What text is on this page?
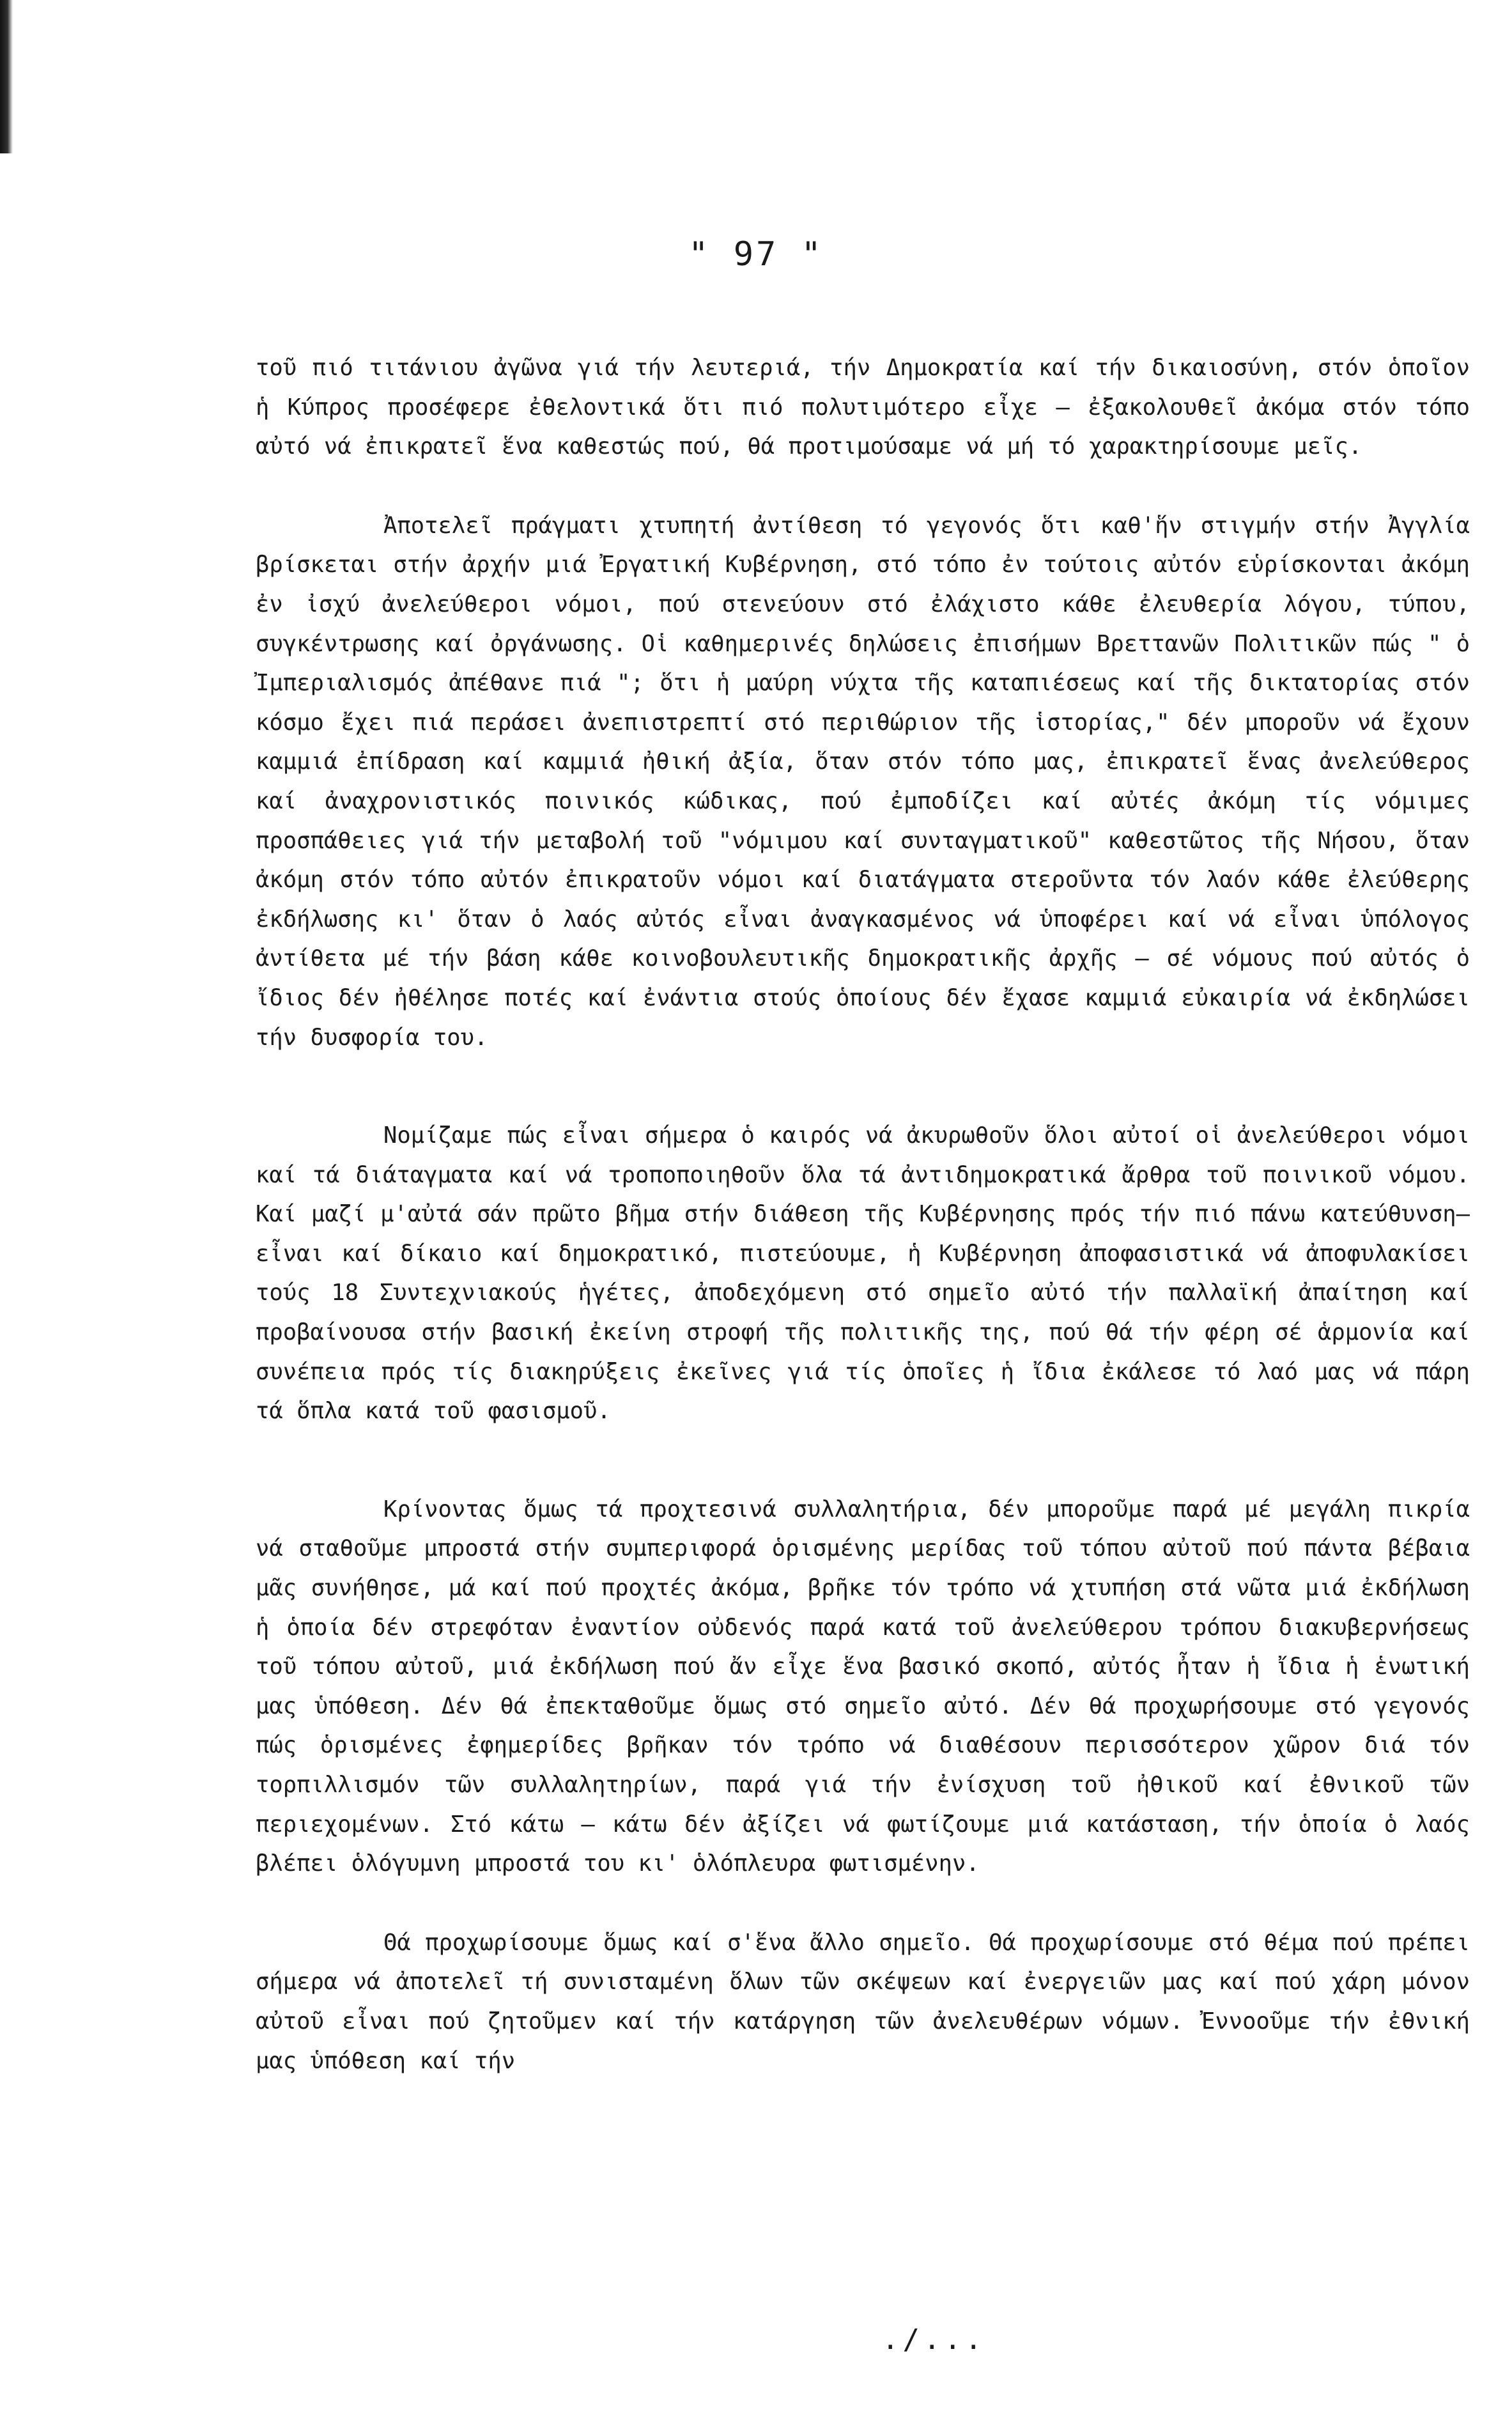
" 97 "

τοῦ πιό τιτάνιου ἀγῶνα γιά τήν λευτεριά, τήν Δημοκρατία καί τήν δικαιοσύνη, στόν ὁποῖον ἡ Κύπρος προσέφερε ἐθελοντικά ὅτι πιό πολυτιμότερο εἶχε – ἐξακολουθεῖ ἀκόμα στόν τόπο αὐτό νά ἐπικρατεῖ ἕνα καθεστώς πού, θά προτιμούσαμε νά μή τό χαρακτηρίσουμε μεῖς.

Ἀποτελεῖ πράγματι χτυπητή ἀντίθεση τό γεγονός ὅτι καθ'ἥν στιγμήν στήν Ἀγγλία βρίσκεται στήν ἀρχήν μιά Ἐργατική Κυβέρνηση, στό τόπο ἐν τούτοις αὐτόν εὑρίσκονται ἀκόμη ἐν ἰσχύ ἀνελεύθεροι νόμοι, πού στενεύουν στό ἐλάχιστο κάθε ἐλευθερία λόγου, τύπου, συγκέντρωσης καί ὀργάνωσης. Οἱ καθημερινές δηλώσεις ἐπισήμων Βρεττανῶν Πολιτικῶν πώς " ὁ Ἰμπεριαλισμός ἀπέθανε πιά "; ὅτι ἡ μαύρη νύχτα τῆς καταπιέσεως καί τῆς δικτατορίας στόν κόσμο ἔχει πιά περάσει ἀνεπιστρεπτί στό περιθώριον τῆς ἱστορίας," δέν μποροῦν νά ἔχουν καμμιά ἐπίδραση καί καμμιά ἠθική ἀξία, ὅταν στόν τόπο μας, ἐπικρατεῖ ἕνας ἀνελεύθερος καί ἀναχρονιστικός ποινικός κώδικας, πού ἐμποδίζει καί αὐτές ἀκόμη τίς νόμιμες προσπάθειες γιά τήν μεταβολή τοῦ "νόμιμου καί συνταγματικοῦ" καθεστῶτος τῆς Νήσου, ὅταν ἀκόμη στόν τόπο αὐτόν ἐπικρατοῦν νόμοι καί διατάγματα στεροῦντα τόν λαόν κάθε ἐλεύθερης ἐκδήλωσης κι' ὅταν ὁ λαός αὐτός εἶναι ἀναγκασμένος νά ὑποφέρει καί νά εἶναι ὑπόλογος ἀντίθετα μέ τήν βάση κάθε κοινοβουλευτικῆς δημοκρατικῆς ἀρχῆς – σέ νόμους πού αὐτός ὁ ἴδιος δέν ἠθέλησε ποτές καί ἐνάντια στούς ὁποίους δέν ἔχασε καμμιά εὐκαιρία νά ἐκδηλώσει τήν δυσφορία του.

Νομίζαμε πώς εἶναι σήμερα ὁ καιρός νά ἀκυρωθοῦν ὅλοι αὐτοί οἱ ἀνελεύθεροι νόμοι καί τά διάταγματα καί νά τροποποιηθοῦν ὅλα τά ἀντιδημοκρατικά ἄρθρα τοῦ ποινικοῦ νόμου. Καί μαζί μ'αὐτά σάν πρῶτο βῆμα στήν διάθεση τῆς Κυβέρνησης πρός τήν πιό πάνω κατεύθυνση–εἶναι καί δίκαιο καί δημοκρατικό, πιστεύουμε, ἡ Κυβέρνηση ἀποφασιστικά νά ἀποφυλακίσει τούς 18 Συντεχνιακούς ἡγέτες, ἀποδεχόμενη στό σημεῖο αὐτό τήν παλλαϊκή ἀπαίτηση καί προβαίνουσα στήν βασική ἐκείνη στροφή τῆς πολιτικῆς της, πού θά τήν φέρη σέ ἁρμονία καί συνέπεια πρός τίς διακηρύξεις ἐκεῖνες γιά τίς ὁποῖες ἡ ἴδια ἐκάλεσε τό λαό μας νά πάρη τά ὅπλα κατά τοῦ φασισμοῦ.

Κρίνοντας ὅμως τά προχτεσινά συλλαλητήρια, δέν μποροῦμε παρά μέ μεγάλη πικρία νά σταθοῦμε μπροστά στήν συμπεριφορά ὁρισμένης μερίδας τοῦ τόπου αὐτοῦ πού πάντα βέβαια μᾶς συνήθησε, μά καί πού προχτές ἀκόμα, βρῆκε τόν τρόπο νά χτυπήση στά νῶτα μιά ἐκδήλωση ἡ ὁποία δέν στρεφόταν ἐναντίον οὐδενός παρά κατά τοῦ ἀνελεύθερου τρόπου διακυβερνήσεως τοῦ τόπου αὐτοῦ, μιά ἐκδήλωση πού ἄν εἶχε ἕνα βασικό σκοπό, αὐτός ἦταν ἡ ἴδια ἡ ἑνωτική μας ὑπόθεση. Δέν θά ἐπεκταθοῦμε ὅμως στό σημεῖο αὐτό. Δέν θά προχωρήσουμε στό γεγονός πώς ὁρισμένες ἐφημερίδες βρῆκαν τόν τρόπο νά διαθέσουν περισσότερον χῶρον διά τόν τορπιλλισμόν τῶν συλλαλητηρίων, παρά γιά τήν ἐνίσχυση τοῦ ἠθικοῦ καί ἐθνικοῦ τῶν περιεχομένων. Στό κάτω – κάτω δέν ἀξίζει νά φωτίζουμε μιά κατάσταση, τήν ὁποία ὁ λαός βλέπει ὁλόγυμνη μπροστά του κι' ὁλόπλευρα φωτισμένην.

Θά προχωρίσουμε ὅμως καί σ'ἕνα ἄλλο σημεῖο. Θά προχωρίσουμε στό θέμα πού πρέπει σήμερα νά ἀποτελεῖ τή συνισταμένη ὅλων τῶν σκέψεων καί ἐνεργειῶν μας καί πού χάρη μόνον αὐτοῦ εἶναι πού ζητοῦμεν καί τήν κατάργηση τῶν ἀνελευθέρων νόμων. Ἐννοοῦμε τήν ἐθνική μας ὑπόθεση καί τήν

./...
